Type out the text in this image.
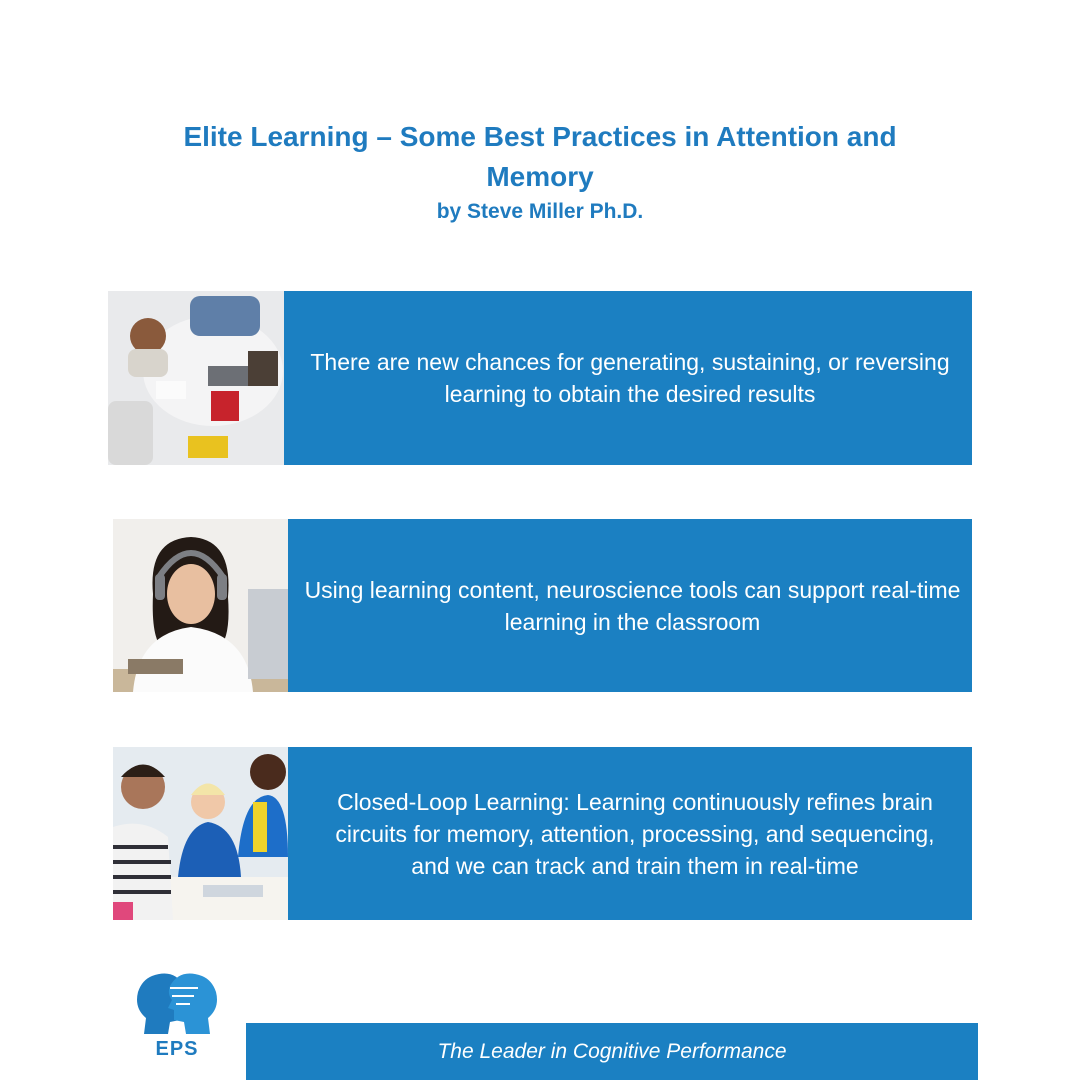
Elite Learning – Some Best Practices in Attention and Memory
by Steve Miller Ph.D.
There are new chances for generating, sustaining, or reversing learning to obtain the desired results
Using learning content, neuroscience tools can support real-time learning in the classroom
Closed-Loop Learning: Learning continuously refines brain circuits for memory, attention, processing, and sequencing, and we can track and train them in real-time
EPS	The Leader in Cognitive Performance
